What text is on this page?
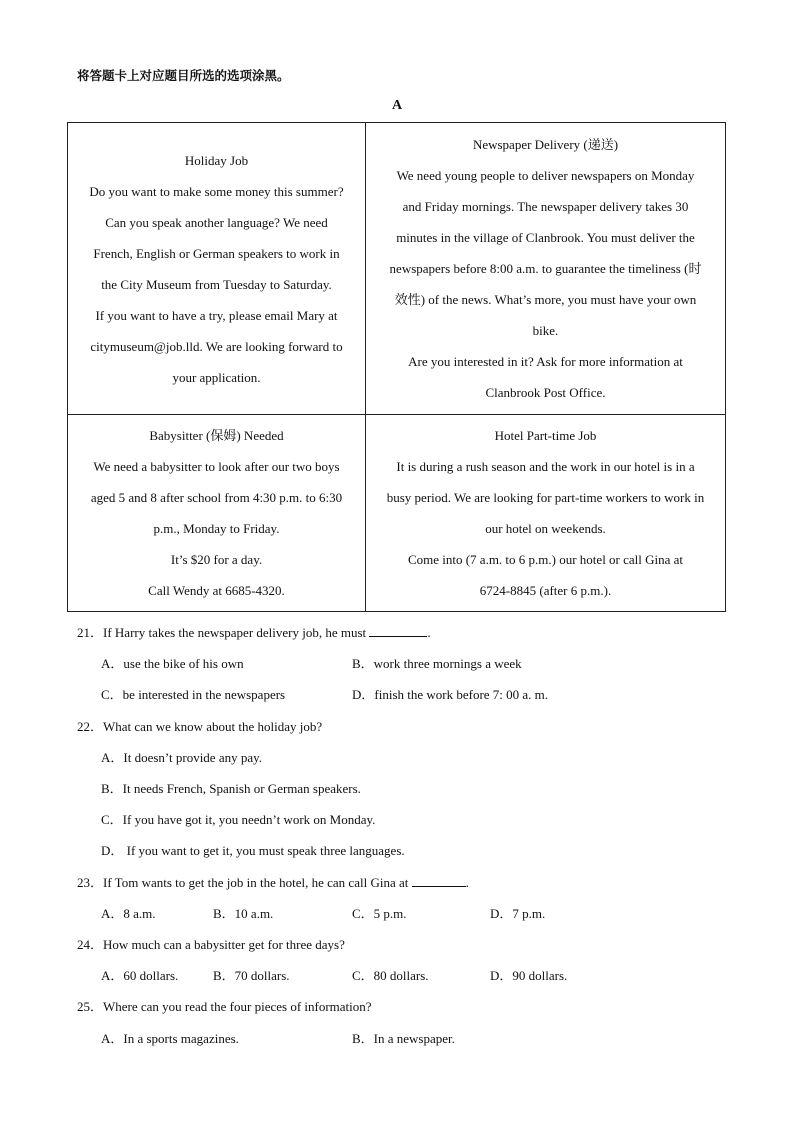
将答题卡上对应题目所选的选项涂黑。
A

Holiday Job

Do you want to make some money this summer?

Can you speak another language? We need

French, English or German speakers to work in

the City Museum from Tuesday to Saturday.

If you want to have a try, please email Mary at

citymuseum@job.lld. We are looking forward to

your application.

Newspaper Delivery (递送)

We need young people to deliver newspapers on Monday

and Friday mornings. The newspaper delivery takes 30

minutes in the village of Clanbrook. You must deliver the

newspapers before 8:00 a.m. to guarantee the timeliness (时

效性) of the news. What’s more, you must have your own

bike.

Are you interested in it? Ask for more information at

Clanbrook Post Office.

Babysitter (保姆) Needed

We need a babysitter to look after our two boys

aged 5 and 8 after school from 4:30 p.m. to 6:30

p.m., Monday to Friday.

It’s $20 for a day.

Call Wendy at 6685-4320.

Hotel Part-time Job

It is during a rush season and the work in our hotel is in a

busy period. We are looking for part-time workers to work in

our hotel on weekends.

Come into (7 a.m. to 6 p.m.) our hotel or call Gina at

6724-8845 (after 6 p.m.).

21．If Harry takes the newspaper delivery job, he must	.
A．use the bike of his own	B．work three mornings a week
C．be interested in the newspapers	D．finish the work before 7: 00 a. m.
22．What can we know about the holiday job?
A．It doesn’t provide any pay.
B．It needs French, Spanish or German speakers.
C．If you have got it, you needn’t work on Monday.
D． If you want to get it, you must speak three languages.
23．If Tom wants to get the job in the hotel, he can call Gina at	.
A．8 a.m.	B．10 a.m.	C．5 p.m.	D．7 p.m.
24．How much can a babysitter get for three days?
A．60 dollars.	B．70 dollars.	C．80 dollars.	D．90 dollars.
25．Where can you read the four pieces of information?
A．In a sports magazines.	B．In a newspaper.
